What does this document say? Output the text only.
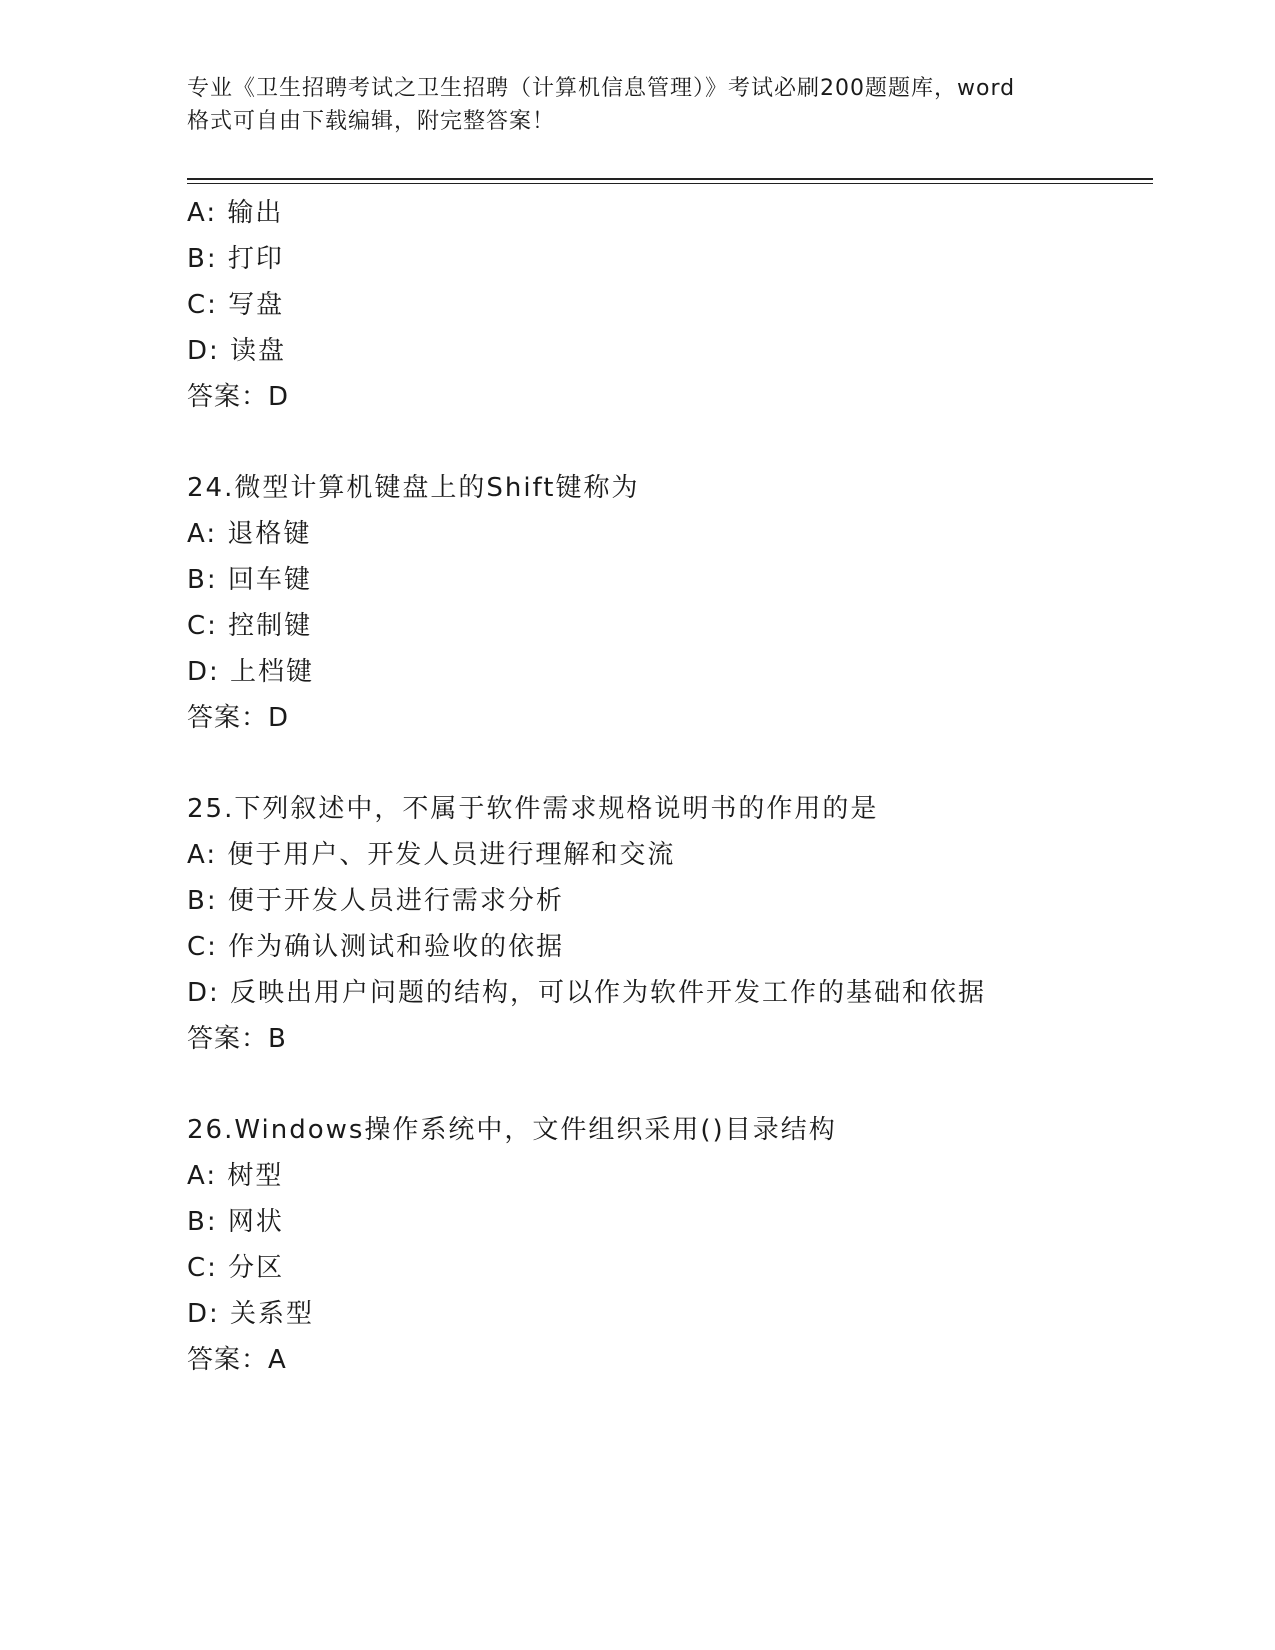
专业《卫生招聘考试之卫生招聘（计算机信息管理）》考试必刷200题题库，word
格式可自由下载编辑，附完整答案！
A: 输出
B: 打印
C: 写盘
D: 读盘
答案：D
24.微型计算机键盘上的Shift键称为
A: 退格键
B: 回车键
C: 控制键
D: 上档键
答案：D
25.下列叙述中，不属于软件需求规格说明书的作用的是
A: 便于用户、开发人员进行理解和交流
B: 便于开发人员进行需求分析
C: 作为确认测试和验收的依据
D: 反映出用户问题的结构，可以作为软件开发工作的基础和依据
答案：B
26.Windows操作系统中，文件组织采用()目录结构
A: 树型
B: 网状
C: 分区
D: 关系型
答案：A
